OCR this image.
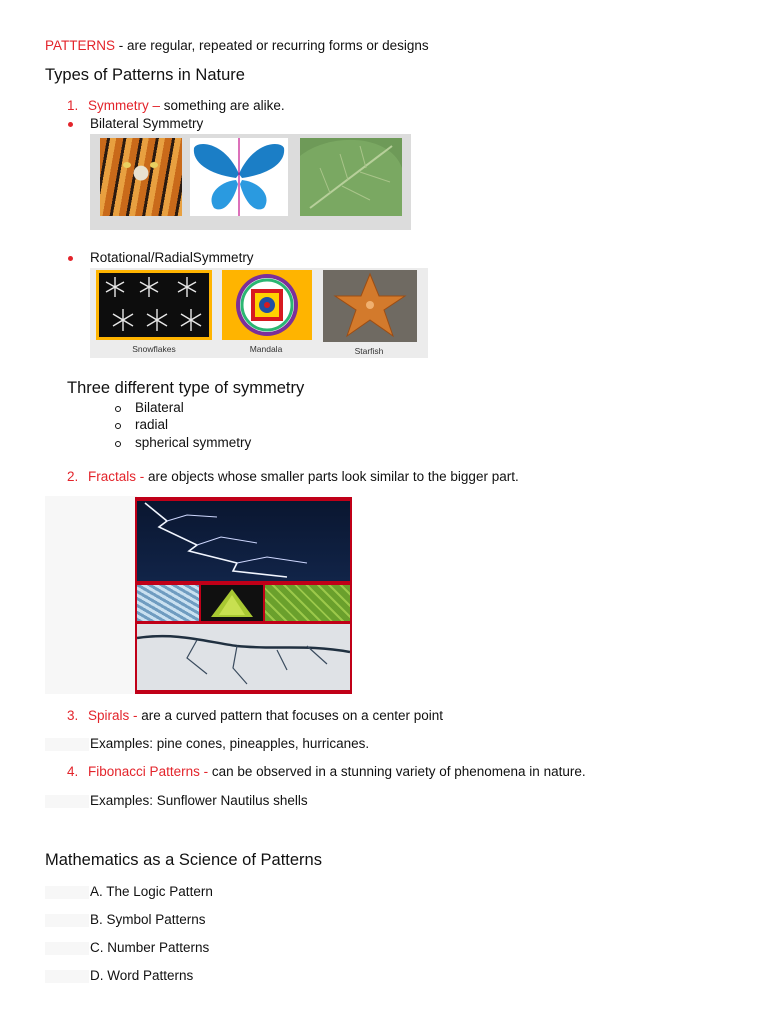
PATTERNS - are regular, repeated or recurring forms or designs
Types of Patterns in Nature
1. Symmetry – something are alike.
Bilateral Symmetry
Rotational/RadialSymmetry
Snowflakes	Mandala	Starfish
Three different type of symmetry
Bilateral
radial
spherical symmetry
2. Fractals - are objects whose smaller parts look similar to the bigger part.
3. Spirals - are a curved pattern that focuses on a center point
Examples: pine cones, pineapples, hurricanes.
4. Fibonacci Patterns - can be observed in a stunning variety of phenomena in nature.
Examples: Sunflower Nautilus shells
Mathematics as a Science of Patterns
A. The Logic Pattern
B. Symbol Patterns
C. Number Patterns
D. Word Patterns
